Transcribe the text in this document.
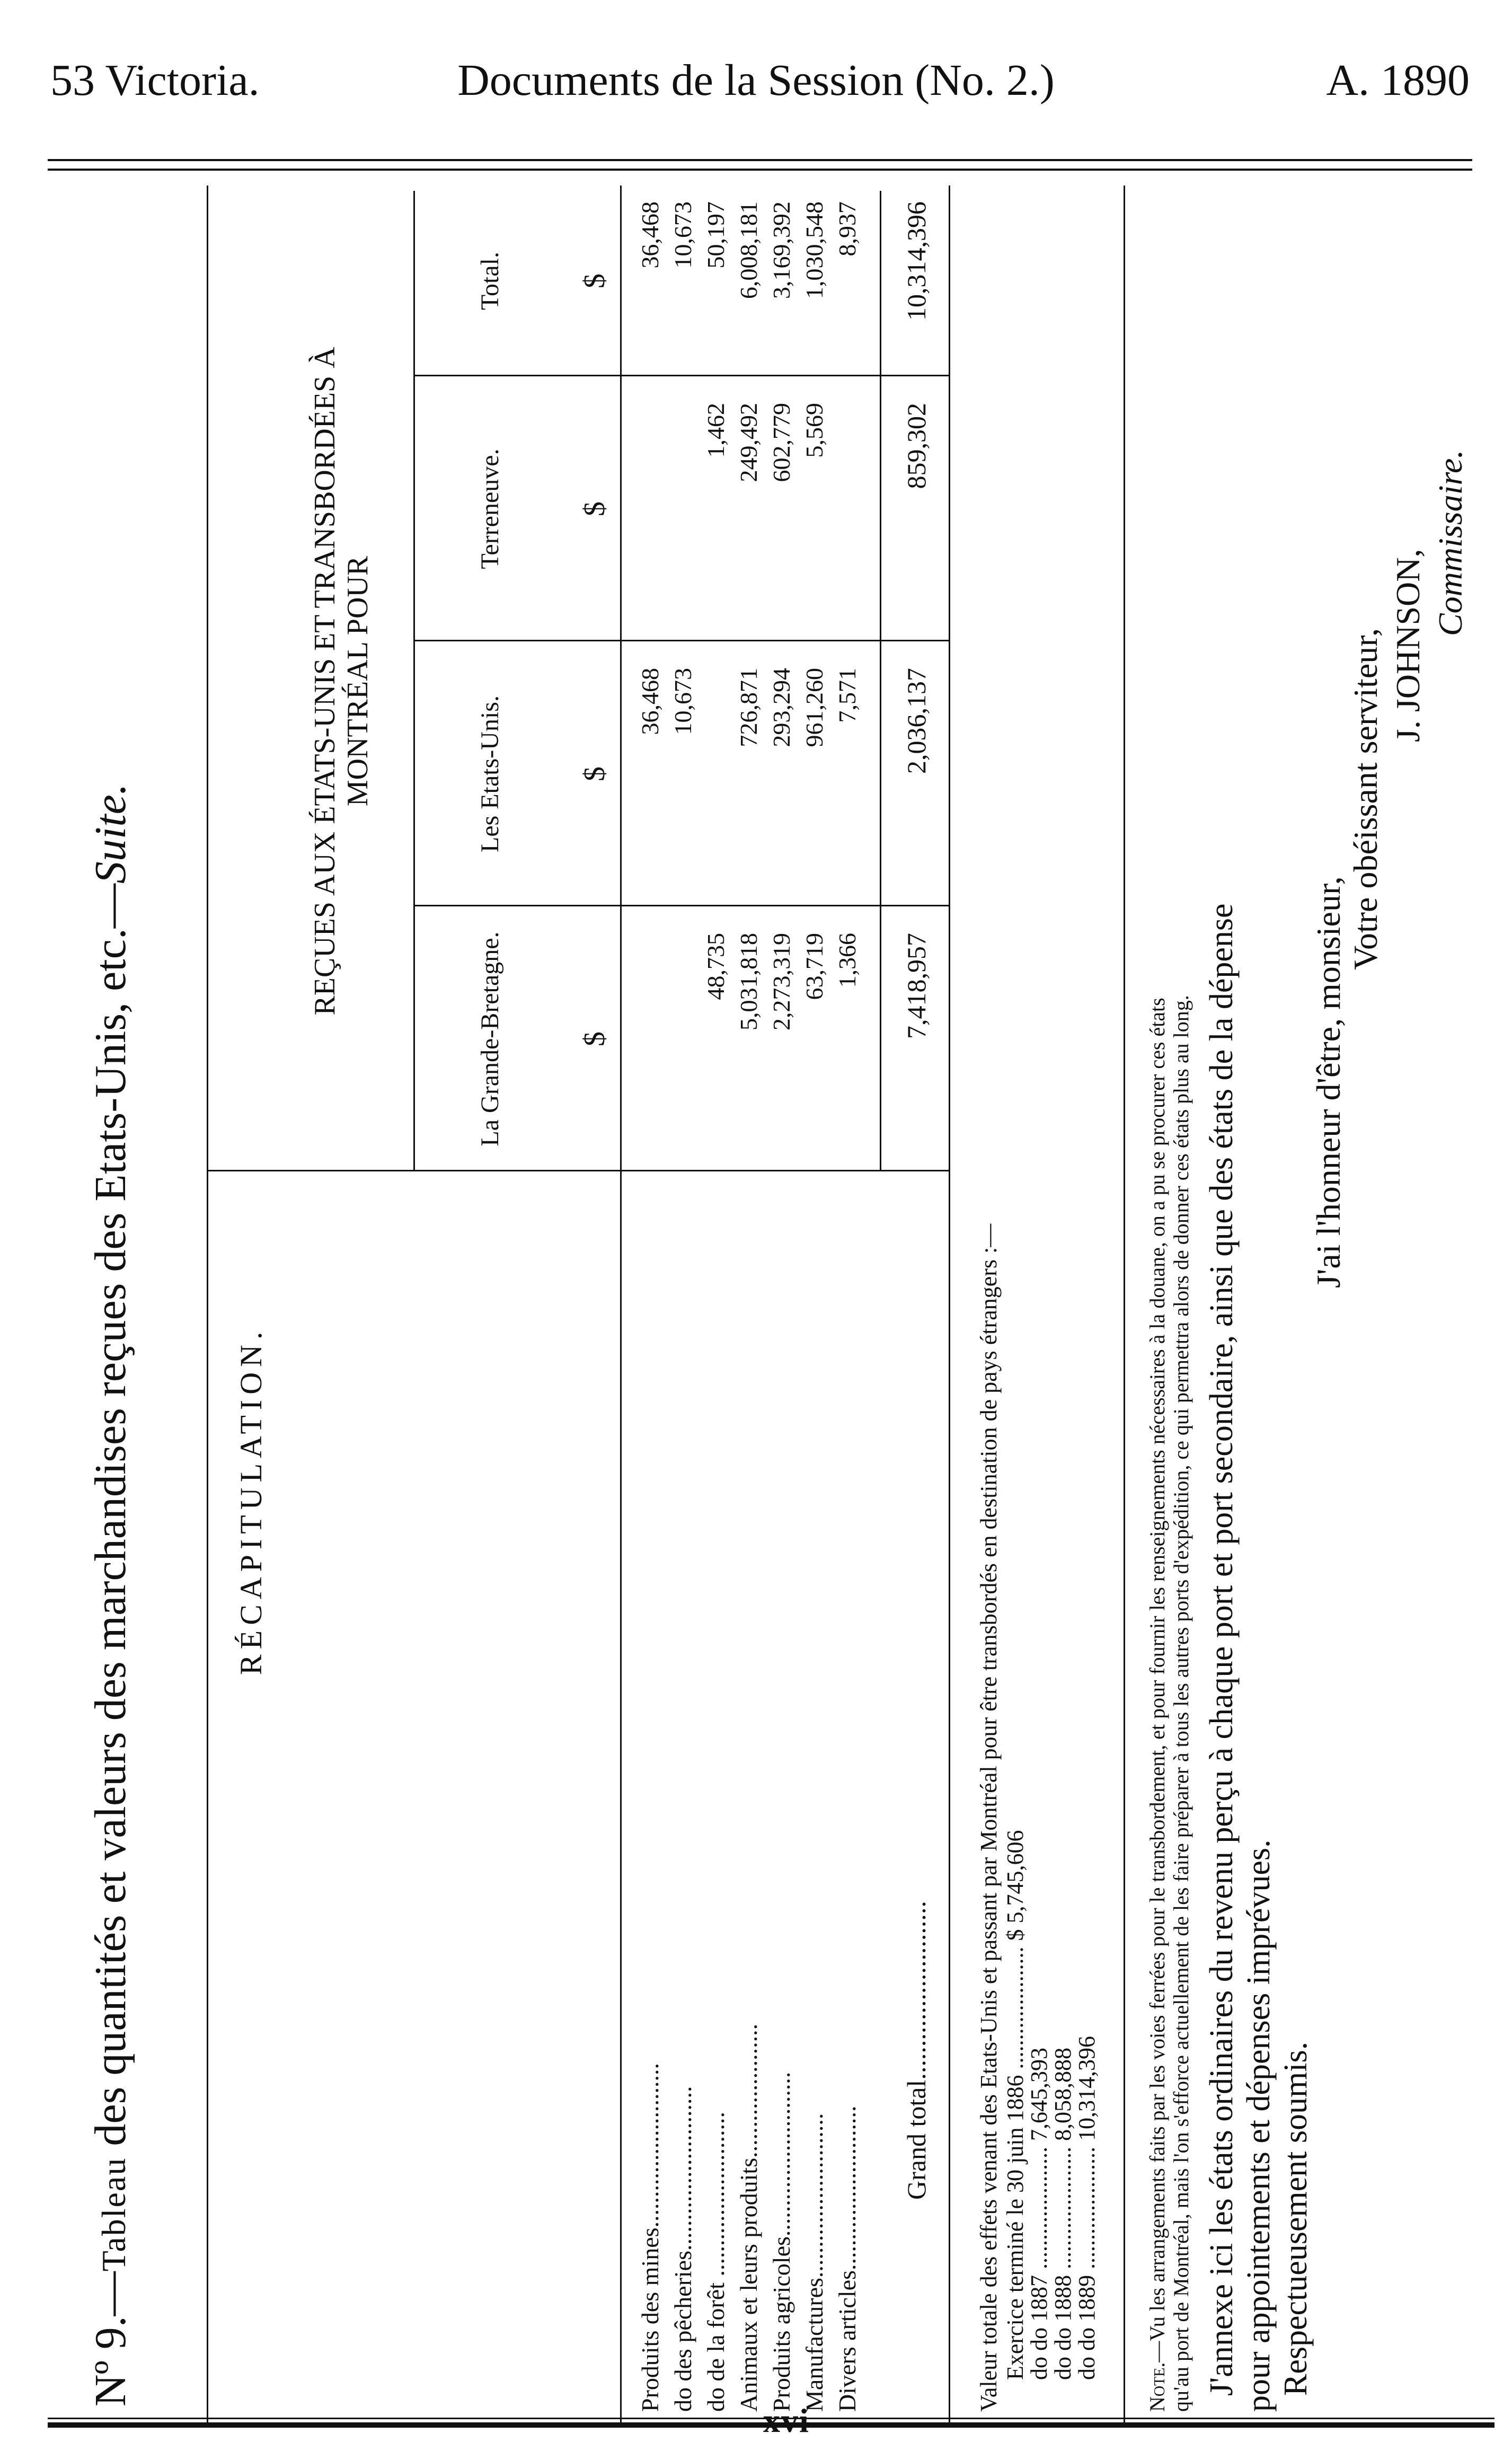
53 Victoria.	Documents de la Session (No. 2.)	A. 1890
xvi
Nº 9.—Tableau des quantités et valeurs des marchandises reçues des Etats-Unis, etc.—Suite.
RÉCAPITULATION.
REÇUES AUX ÉTATS-UNIS ET TRANSBORDÉES À MONTRÉAL POUR
La Grande-Bretagne.
Les Etats-Unis.
Terreneuve.
Total.
$
$
$
$
Produits des mines...........................
36,468
36,468
do des pêcheries...........................
10,673
10,673
do de la forêt ...........................
48,735
1,462
50,197
Animaux et leurs produits......................
5,031,818
726,871
249,492
6,008,181
Produits agricoles...........................
2,273,319
293,294
602,779
3,169,392
Manufactures...........................
63,719
961,260
5,569
1,030,548
Divers articles...........................
1,366
7,571
8,937
Grand total...........................
7,418,957
2,036,137
859,302
10,314,396
Valeur totale des effets venant des Etats-Unis et passant par Montréal pour être transbordés en destination de pays étrangers :— Exercice terminé le 30 juin 1886 ..................... $ 5,745,606
do do 1887 ..................... 7,645,393
do do 1888 ..................... 8,058,888
do do 1889 ..................... 10,314,396
Note.—Vu les arrangements faits par les voies ferrées pour le transbordement, et pour fournir les renseignements nécessaires à la douane, on a pu se procurer ces états qu'au port de Montréal, mais l'on s'efforce actuellement de les faire préparer à tous les autres ports d'expédition, ce qui permettra alors de donner ces états plus au long. J'annexe ici les états ordinaires du revenu perçu à chaque port et port secondaire, ainsi que des états de la dépense pour appointements et dépenses imprévues. Respectueusement soumis.
J'ai l'honneur d'être, monsieur,
Votre obéissant serviteur, J. JOHNSON,
Commissaire.
